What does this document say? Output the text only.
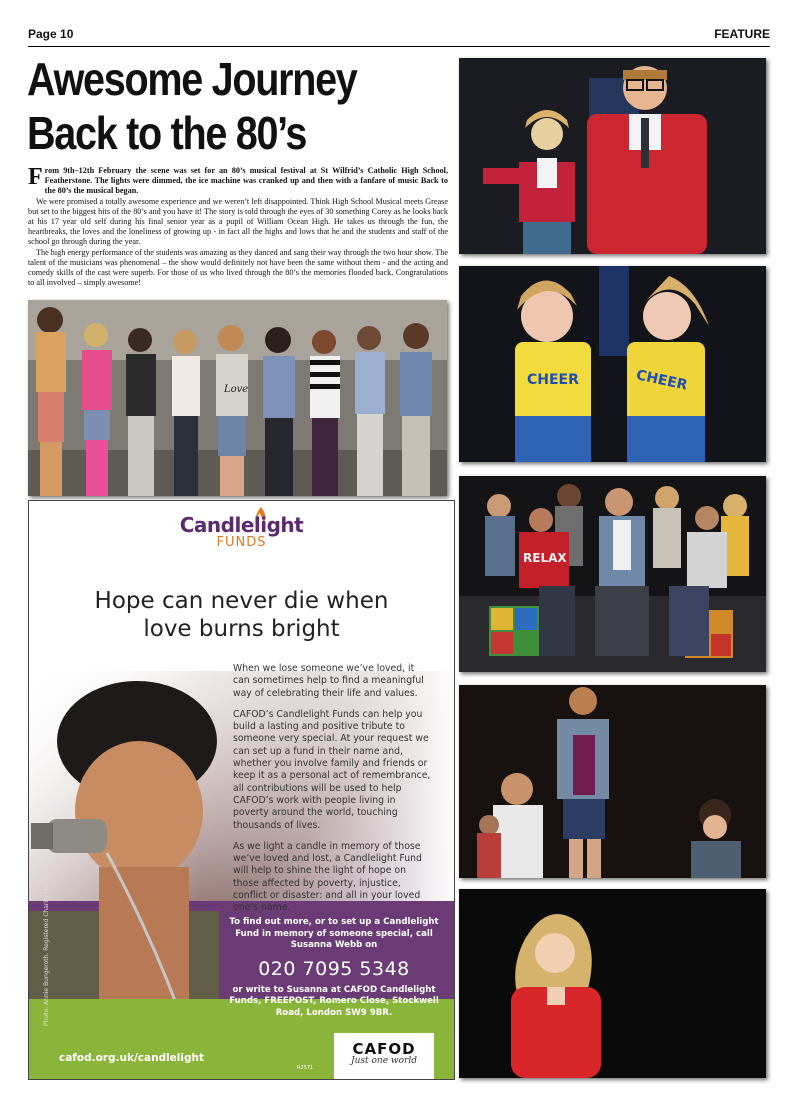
Page 10	FEATURE
Awesome Journey
Back to the 80’s

From 9th–12th February the scene was set for an 80’s musical festival at St Wilfrid’s Catholic High School, Featherstone. The lights were dimmed, the ice machine was cranked up and then with a fanfare of music Back to the 80’s the musical began.

We were promised a totally awesome experience and we weren’t left disappointed. Think High School Musical meets Grease but set to the biggest hits of the 80’s and you have it! The story is told through the eyes of 30 something Corey as he looks back at his 17 year old self during his final senior year as a pupil of William Ocean High. He takes us through the fun, the heartbreaks, the loves and the loneliness of growing up - in fact all the highs and lows that he and the students and staff of the school go through during the year.

The high energy performance of the students was amazing as they danced and sang their way through the two hour show. The talent of the musicians was phenomenal – the show would definitely not have been the same without them - and the acting and comedy skills of the cast were superb. For those of us who lived through the 80’s the memories flooded back. Congratulations to all involved – simply awesome!

Love
CHEER	CHEER
RELAX
Candlelight
FUNDS
Hope can never die when
love burns bright

When we lose someone we’ve loved, it can sometimes help to find a meaningful way of celebrating their life and values.

CAFOD’s Candlelight Funds can help you build a lasting and positive tribute to someone very special. At your request we can set up a fund in their name and, whether you involve family and friends or keep it as a personal act of remembrance, all contributions will be used to help CAFOD’s work with people living in poverty around the world, touching thousands of lives.

As we light a candle in memory of those we’ve loved and lost, a Candlelight Fund will help to shine the light of hope on those affected by poverty, injustice, conflict or disaster: and all in your loved one’s name.

To find out more, or to set up a Candlelight Fund in memory of someone special, call Susanna Webb on
020 7095 5348
or write to Susanna at CAFOD Candlelight Funds, FREEPOST, Romero Close, Stockwell Road, London SW9 9BR.
Photo: Annie Bungeroth. Registered Charity No. 285776
cafod.org.uk/candlelight
R2571
CAFOD
Just one world
